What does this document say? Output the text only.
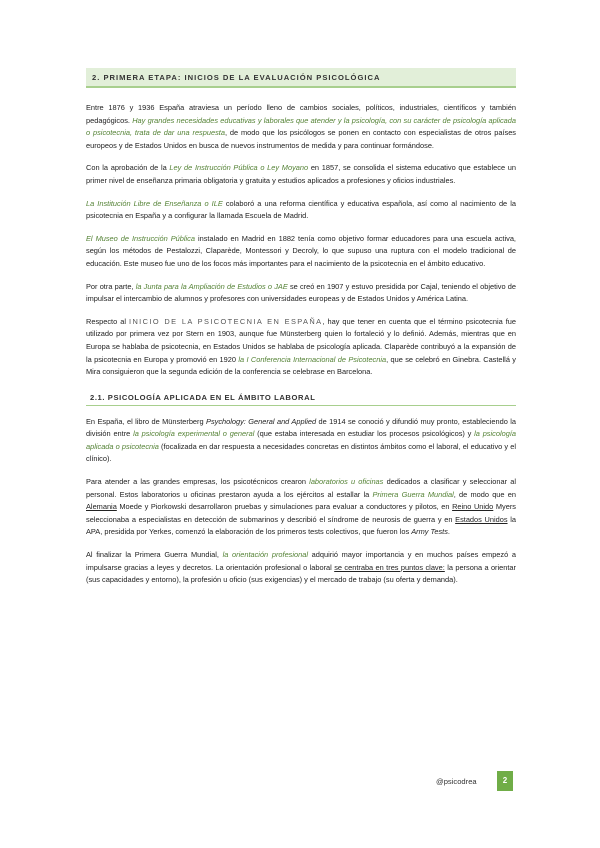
2. PRIMERA ETAPA: INICIOS DE LA EVALUACIÓN PSICOLÓGICA

Entre 1876 y 1936 España atraviesa un período lleno de cambios sociales, políticos, industriales, científicos y también pedagógicos. Hay grandes necesidades educativas y laborales que atender y la psicología, con su carácter de psicología aplicada o psicotecnia, trata de dar una respuesta, de modo que los psicólogos se ponen en contacto con especialistas de otros países europeos y de Estados Unidos en busca de nuevos instrumentos de medida y para continuar formándose.

Con la aprobación de la Ley de Instrucción Pública o Ley Moyano en 1857, se consolida el sistema educativo que establece un primer nivel de enseñanza primaria obligatoria y gratuita y estudios aplicados a profesiones y oficios industriales.

La Institución Libre de Enseñanza o ILE colaboró a una reforma científica y educativa española, así como al nacimiento de la psicotecnia en España y a configurar la llamada Escuela de Madrid.

El Museo de Instrucción Pública instalado en Madrid en 1882 tenía como objetivo formar educadores para una escuela activa, según los métodos de Pestalozzi, Claparède, Montessori y Decroly, lo que supuso una ruptura con el modelo tradicional de educación. Este museo fue uno de los focos más importantes para el nacimiento de la psicotecnia en el ámbito educativo.

Por otra parte, la Junta para la Ampliación de Estudios o JAE se creó en 1907 y estuvo presidida por Cajal, teniendo el objetivo de impulsar el intercambio de alumnos y profesores con universidades europeas y de Estados Unidos y América Latina.

Respecto al INICIO DE LA PSICOTECNIA EN ESPAÑA, hay que tener en cuenta que el término psicotecnia fue utilizado por primera vez por Stern en 1903, aunque fue Münsterberg quien lo fortaleció y lo definió. Además, mientras que en Europa se hablaba de psicotecnia, en Estados Unidos se hablaba de psicología aplicada. Claparède contribuyó a la expansión de la psicotecnia en Europa y promovió en 1920 la I Conferencia Internacional de Psicotecnia, que se celebró en Ginebra. Castellá y Mira consiguieron que la segunda edición de la conferencia se celebrase en Barcelona.

2.1. PSICOLOGÍA APLICADA EN EL ÁMBITO LABORAL

En España, el libro de Münsterberg Psychology: General and Applied de 1914 se conoció y difundió muy pronto, estableciendo la división entre la psicología experimental o general (que estaba interesada en estudiar los procesos psicológicos) y la psicología aplicada o psicotecnia (focalizada en dar respuesta a necesidades concretas en distintos ámbitos como el laboral, el educativo y el clínico).

Para atender a las grandes empresas, los psicotécnicos crearon laboratorios u oficinas dedicados a clasificar y seleccionar al personal. Estos laboratorios u oficinas prestaron ayuda a los ejércitos al estallar la Primera Guerra Mundial, de modo que en Alemania Moede y Piorkowski desarrollaron pruebas y simulaciones para evaluar a conductores y pilotos, en Reino Unido Myers seleccionaba a especialistas en detección de submarinos y describió el síndrome de neurosis de guerra y en Estados Unidos la APA, presidida por Yerkes, comenzó la elaboración de los primeros tests colectivos, que fueron los Army Tests.

Al finalizar la Primera Guerra Mundial, la orientación profesional adquirió mayor importancia y en muchos países empezó a impulsarse gracias a leyes y decretos. La orientación profesional o laboral se centraba en tres puntos clave: la persona a orientar (sus capacidades y entorno), la profesión u oficio (sus exigencias) y el mercado de trabajo (su oferta y demanda).

@psicodrea	2
